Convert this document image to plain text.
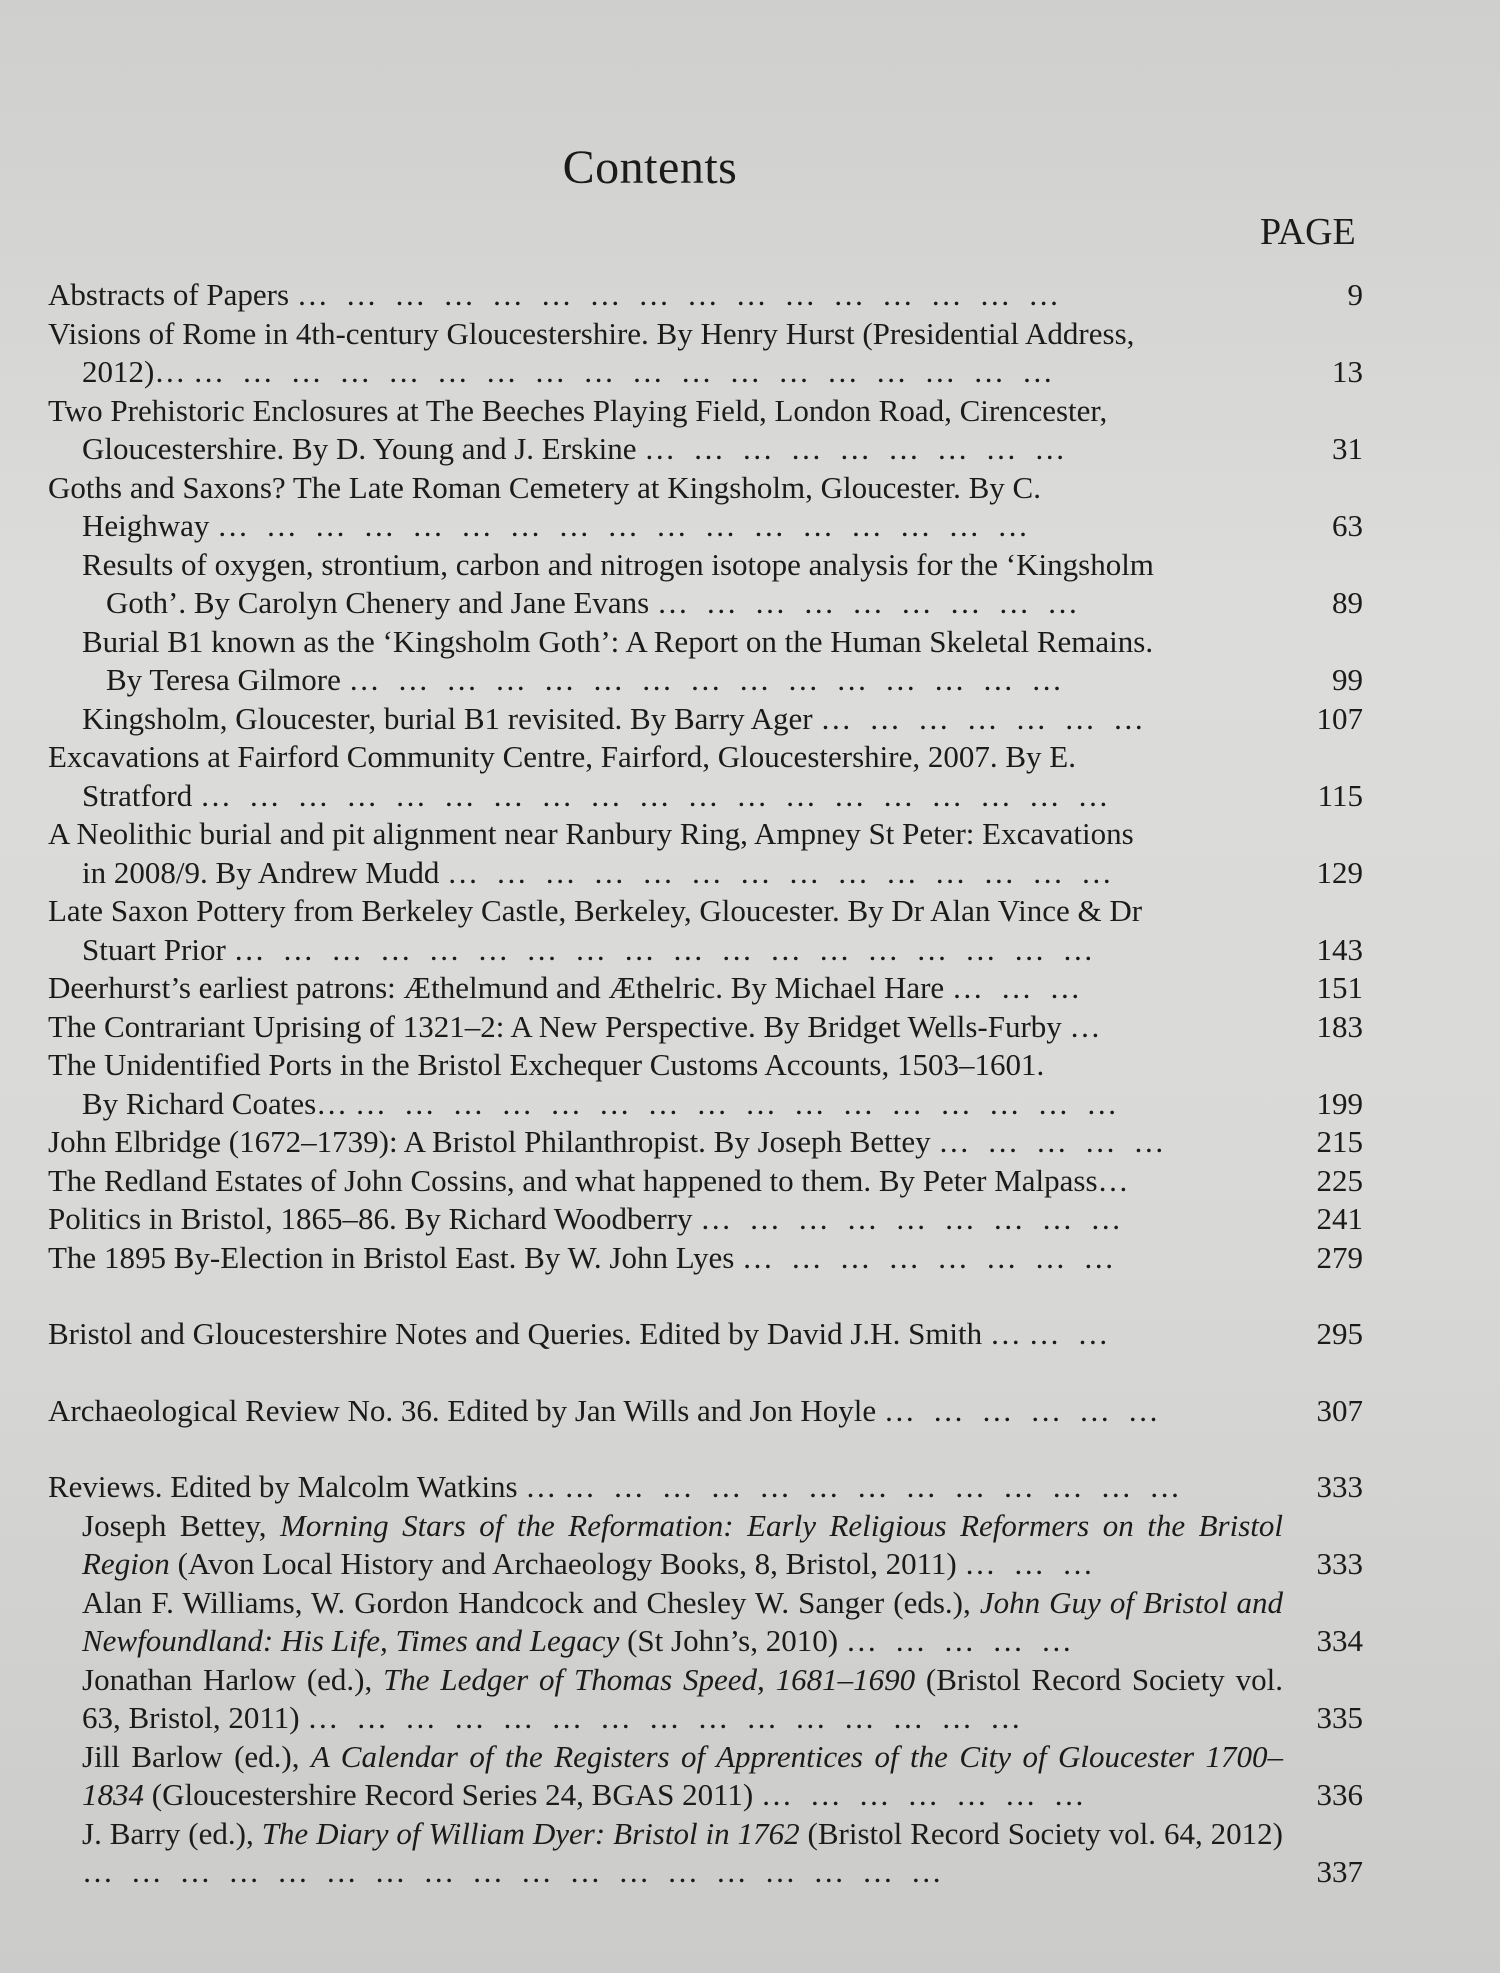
Contents
PAGE
Abstracts of Papers … … … … … … … … … … … … … … … …	9
Visions of Rome in 4th-century Gloucestershire. By Henry Hurst (Presidential Address,
2012)… … … … … … … … … … … … … … … … … … …	13
Two Prehistoric Enclosures at The Beeches Playing Field, London Road, Cirencester,
Gloucestershire. By D. Young and J. Erskine … … … … … … … … …	31
Goths and Saxons? The Late Roman Cemetery at Kingsholm, Gloucester. By C.
Heighway … … … … … … … … … … … … … … … … …	63
Results of oxygen, strontium, carbon and nitrogen isotope analysis for the ‘Kingsholm
Goth’. By Carolyn Chenery and Jane Evans … … … … … … … … …	89
Burial B1 known as the ‘Kingsholm Goth’: A Report on the Human Skeletal Remains.
By Teresa Gilmore … … … … … … … … … … … … … … …	99
Kingsholm, Gloucester, burial B1 revisited. By Barry Ager … … … … … … …	107
Excavations at Fairford Community Centre, Fairford, Gloucestershire, 2007. By E.
Stratford … … … … … … … … … … … … … … … … … … …	115
A Neolithic burial and pit alignment near Ranbury Ring, Ampney St Peter: Excavations
in 2008/9. By Andrew Mudd … … … … … … … … … … … … … …	129
Late Saxon Pottery from Berkeley Castle, Berkeley, Gloucester. By Dr Alan Vince & Dr
Stuart Prior … … … … … … … … … … … … … … … … … …	143
Deerhurst’s earliest patrons: Æthelmund and Æthelric. By Michael Hare … … …	151
The Contrariant Uprising of 1321–2: A New Perspective. By Bridget Wells-Furby …	183
The Unidentified Ports in the Bristol Exchequer Customs Accounts, 1503–1601.
By Richard Coates… … … … … … … … … … … … … … … … …	199
John Elbridge (1672–1739): A Bristol Philanthropist. By Joseph Bettey … … … … …	215
The Redland Estates of John Cossins, and what happened to them. By Peter Malpass…	225
Politics in Bristol, 1865–86. By Richard Woodberry … … … … … … … … …	241
The 1895 By-Election in Bristol East. By W. John Lyes … … … … … … … …	279
Bristol and Gloucestershire Notes and Queries. Edited by David J.H. Smith … … …	295
Archaeological Review No. 36. Edited by Jan Wills and Jon Hoyle … … … … … …	307
Reviews. Edited by Malcolm Watkins … … … … … … … … … … … … … …	333
Joseph Bettey, Morning Stars of the Reformation: Early Religious Reformers on the Bristol Region (Avon Local History and Archaeology Books, 8, Bristol, 2011) … … …	333
Alan F. Williams, W. Gordon Handcock and Chesley W. Sanger (eds.), John Guy of Bristol and Newfoundland: His Life, Times and Legacy (St John’s, 2010) … … … … …	334
Jonathan Harlow (ed.), The Ledger of Thomas Speed, 1681–1690 (Bristol Record Society vol. 63, Bristol, 2011) … … … … … … … … … … … … … … …	335
Jill Barlow (ed.), A Calendar of the Registers of Apprentices of the City of Gloucester 1700–1834 (Gloucestershire Record Series 24, BGAS 2011) … … … … … … …	336
J. Barry (ed.), The Diary of William Dyer: Bristol in 1762 (Bristol Record Society vol. 64, 2012) … … … … … … … … … … … … … … … … … …	337
